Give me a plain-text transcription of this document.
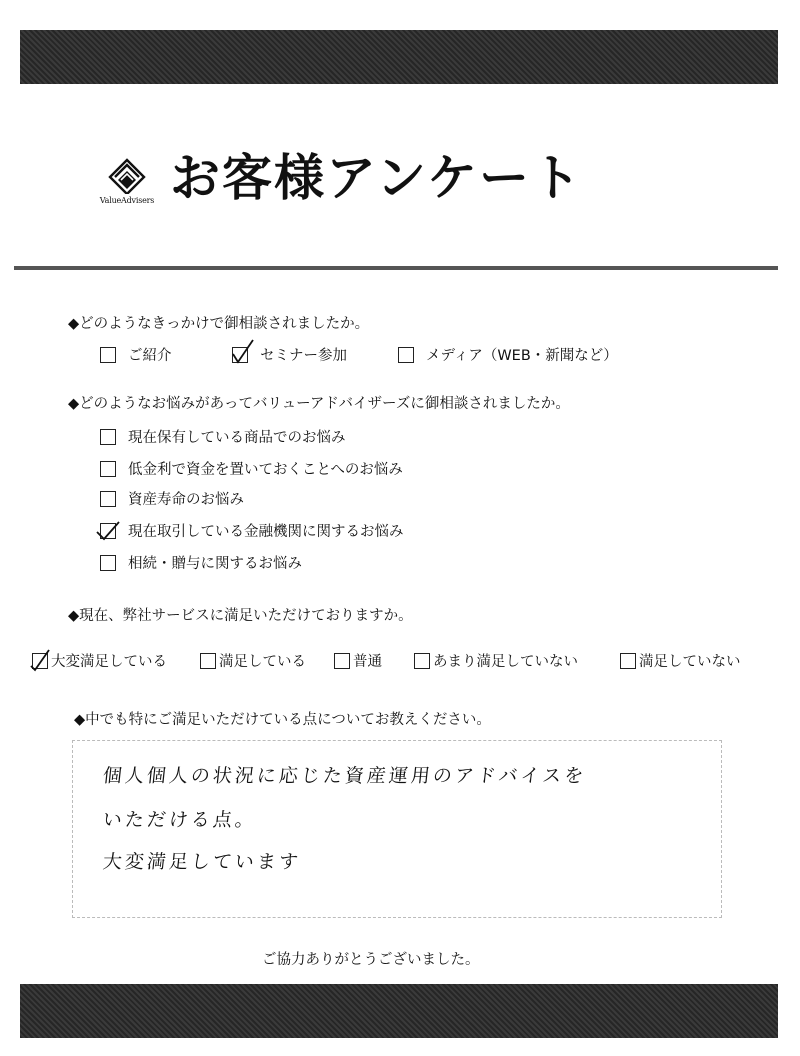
ValueAdvisers お客様アンケート
◆どのようなきっかけで御相談されましたか。
ご紹介	セミナー参加	メディア（WEB・新聞など）
◆どのようなお悩みがあってバリューアドバイザーズに御相談されましたか。
現在保有している商品でのお悩み
低金利で資金を置いておくことへのお悩み
資産寿命のお悩み
現在取引している金融機関に関するお悩み
相続・贈与に関するお悩み
◆現在、弊社サービスに満足いただけておりますか。
大変満足している	満足している	普通	あまり満足していない	満足していない
◆中でも特にご満足いただけている点についてお教えください。
個人個人の状況に応じた資産運用のアドバイスを
いただける点。
大変満足しています
ご協力ありがとうございました。
